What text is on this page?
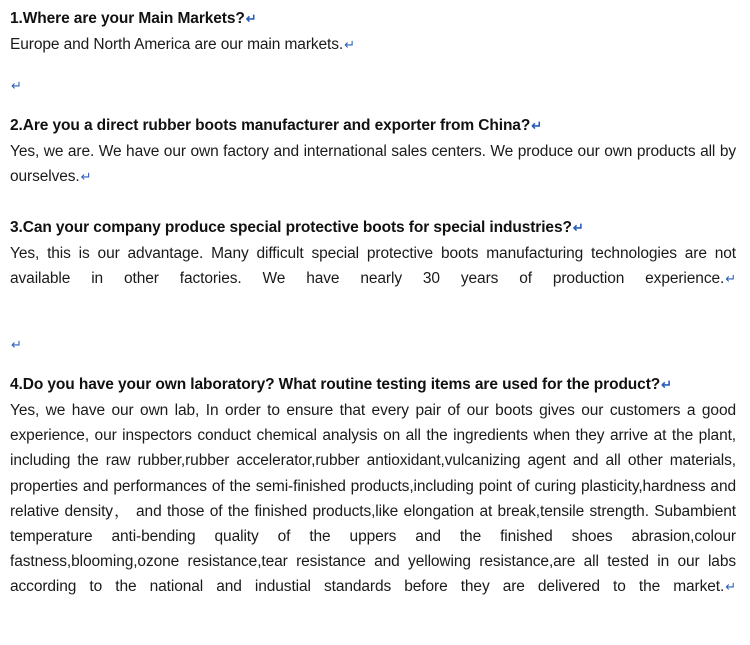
1.Where are your Main Markets?↵

Europe and North America are our main markets.↵

↵

2.Are you a direct rubber boots manufacturer and exporter from China?↵

Yes, we are. We have our own factory and international sales centers. We produce our own products all by ourselves.↵

3.Can your company produce special protective boots for special industries?↵

Yes, this is our advantage. Many difficult special protective boots manufacturing technologies are not available in other factories. We have nearly 30 years of production experience.↵

↵

4.Do you have your own laboratory? What routine testing items are used for the product?↵

Yes, we have our own lab, In order to ensure that every pair of our boots gives our customers a good experience, our inspectors conduct chemical analysis on all the ingredients when they arrive at the plant, including the raw rubber,rubber accelerator,rubber antioxidant,vulcanizing agent and all other materials, properties and performances of the semi-finished products,including point of curing plasticity,hardness and relative density， and those of the finished products,like elongation at break,tensile strength. Subambient temperature anti-bending quality of the uppers and the finished shoes abrasion,colour fastness,blooming,ozone resistance,tear resistance and yellowing resistance,are all tested in our labs according to the national and industial standards before they are delivered to the market.↵
